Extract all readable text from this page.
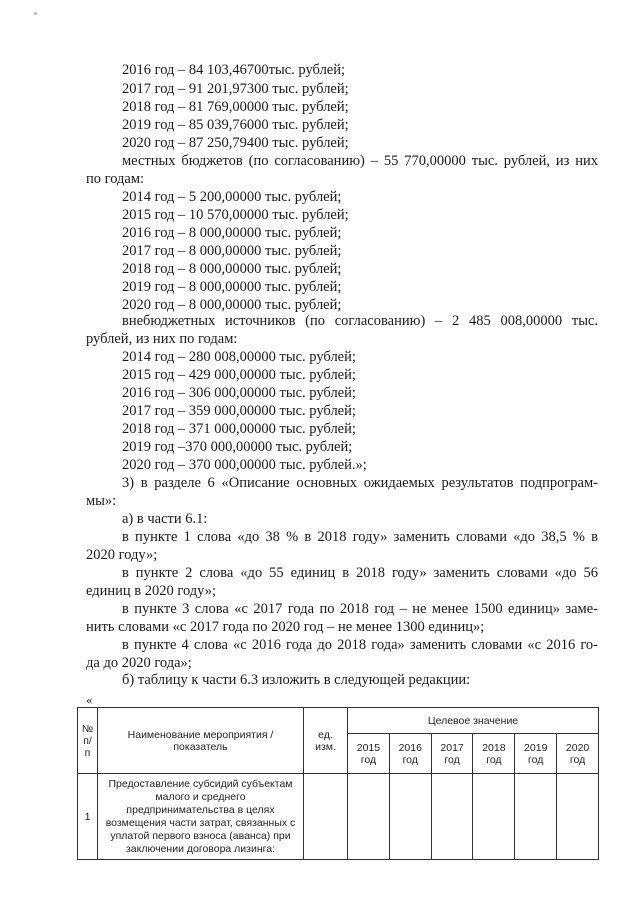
2016 год – 84 103,46700тыс. рублей;
2017 год – 91 201,97300 тыс. рублей;
2018 год – 81 769,00000 тыс. рублей;
2019 год – 85 039,76000 тыс. рублей;
2020 год – 87 250,79400 тыс. рублей;
местных бюджетов (по согласованию) – 55 770,00000 тыс. рублей, из них
по годам:
2014 год – 5 200,00000 тыс. рублей;
2015 год – 10 570,00000 тыс. рублей;
2016 год – 8 000,00000 тыс. рублей;
2017 год – 8 000,00000 тыс. рублей;
2018 год – 8 000,00000 тыс. рублей;
2019 год – 8 000,00000 тыс. рублей;
2020 год – 8 000,00000 тыс. рублей;
внебюджетных источников (по согласованию) – 2 485 008,00000 тыс.
рублей, из них по годам:
2014 год – 280 008,00000 тыс. рублей;
2015 год – 429 000,00000 тыс. рублей;
2016 год – 306 000,00000 тыс. рублей;
2017 год – 359 000,00000 тыс. рублей;
2018 год – 371 000,00000 тыс. рублей;
2019 год –370 000,00000 тыс. рублей;
2020 год – 370 000,00000 тыс. рублей.»;
3) в разделе 6 «Описание основных ожидаемых результатов подпрограм-
мы»:
а) в части 6.1:
в пункте 1 слова «до 38 % в 2018 году» заменить словами «до 38,5 % в
2020 году»;
в пункте 2 слова «до 55 единиц в 2018 году» заменить словами «до 56
единиц в 2020 году»;
в пункте 3 слова «с 2017 года по 2018 год – не менее 1500 единиц» заме-
нить словами «с 2017 года по 2020 год – не менее 1300 единиц»;
в пункте 4 слова «с 2016 года до 2018 года» заменить словами «с 2016 го-
да до 2020 года»;
б) таблицу к части 6.3 изложить в следующей редакции:
«
№
п/п	Наименование мероприятия /показатель	ед. изм.	Целевое значение					
			2015 год	2016 год	2017 год	2018 год	2019 год	2020 год
1	Предоставление субсидий субъектам малого и среднего предпринимательства в целях возмещения части затрат, связанных с уплатой первого взноса (аванса) при заключении договора лизинга:							
